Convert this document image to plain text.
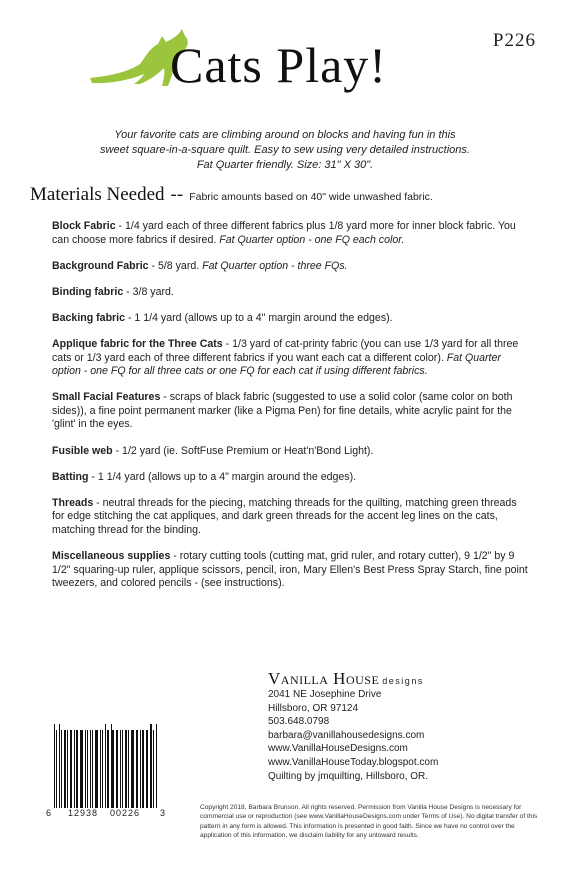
Cats Play!	P226
Your favorite cats are climbing around on blocks and having fun in this
sweet square-in-a-square quilt. Easy to sew using very detailed instructions.
Fat Quarter friendly. Size: 31" X 30".
Materials Needed -- Fabric amounts based on 40" wide unwashed fabric.
Block Fabric - 1/4 yard each of three different fabrics plus 1/8 yard more for inner block fabric. You can choose more fabrics if desired. Fat Quarter option - one FQ each color.
Background Fabric - 5/8 yard. Fat Quarter option - three FQs.
Binding fabric - 3/8 yard.
Backing fabric - 1 1/4 yard (allows up to a 4" margin around the edges).
Applique fabric for the Three Cats - 1/3 yard of cat-printy fabric (you can use 1/3 yard for all three cats or 1/3 yard each of three different fabrics if you want each cat a different color). Fat Quarter option - one FQ for all three cats or one FQ for each cat if using different fabrics.
Small Facial Features - scraps of black fabric (suggested to use a solid color (same color on both sides)), a fine point permanent marker (like a Pigma Pen) for fine details, white acrylic paint for the 'glint' in the eyes.
Fusible web - 1/2 yard (ie. SoftFuse Premium or Heat'n'Bond Light).
Batting - 1 1/4 yard (allows up to a 4" margin around the edges).
Threads - neutral threads for the piecing, matching threads for the quilting, matching green threads for edge stitching the cat appliques, and dark green threads for the accent leg lines on the cats, matching thread for the binding.
Miscellaneous supplies - rotary cutting tools (cutting mat, grid ruler, and rotary cutter), 9 1/2" by 9 1/2" squaring-up ruler, applique scissors, pencil, iron, Mary Ellen's Best Press Spray Starch, fine point tweezers, and colored pencils - (see instructions).
6 12938 00226 3
Vanilla House designs
2041 NE Josephine Drive
Hillsboro, OR 97124
503.648.0798
barbara@vanillahousedesigns.com
www.VanillaHouseDesigns.com
www.VanillaHouseToday.blogspot.com
Quilting by jmquilting, Hillsboro, OR.
Copyright 2018, Barbara Brunson. All rights reserved. Permission from Vanilla House Designs is necessary for commercial use or reproduction (see www.VanillaHouseDesigns.com under Terms of Use). No digital transfer of this pattern in any form is allowed. This information is presented in good faith. Since we have no control over the application of this information, we disclaim liability for any untoward results.
